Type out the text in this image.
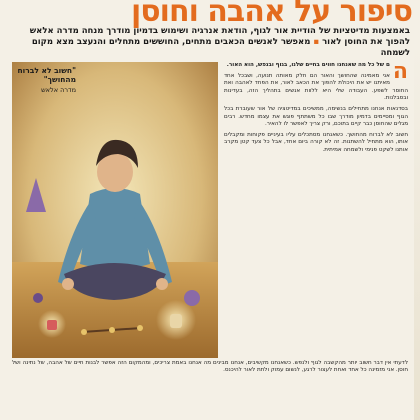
סיפור על אהבה וחוסן
באמצעות מדיטציות של הודיית אור לגוף, הודאת אנרגיה ושימוש בדמיון מודרך מנחה מדרה אלאש להפוך את החוסן לאור ▪ מאפשר לאנשים הכאבים מתחים, החוששים מתחלים והנעצב מצא מקום לשמחה
"חשוב לא לברוח מהחושך"
מדרה אלאש
ה

ם של כל מה שאנחנו חווים בחיים שלנו, בגוף ובנפש, הוא האור.

אני מאמינה שהחושך והאור הם חלק מאותה תנועה, ושבכל אחד מאיתנו יש את היכולת להפוך את הכאב לאור, את הפחד לאהבה ואת החוסר לשפע. העבודה שלי היא ללוות אנשים בתהליך הזה, בעדינות ובסבלנות.

בסדנאות אנחנו מתחילים בנשימה, ממשיכים במדיטציה של אור שעוברת בכל הגוף ומסיימים בדמיון מודרך שבו כל משתתף פוגש את עצמו מחדש. רבים מגלים שהחוסן כבר קיים בתוכם, ורק צריך לאפשר לו להאיר.

חשוב לא לברוח מהחושך. כשאנחנו מסתכלים עליו בעיניים פקוחות ומקבלים אותו, הוא מתחיל להשתנות. זה לא קורה ביום אחד, אבל כל צעד קטן מקרב אותנו לשקט פנימי ולשמחה אמיתית.

לדעתי אין דבר חשוב יותר מהקשבה לגוף ולנפש. כשאנחנו מקשיבים, אנחנו מבינים מה אנחנו באמת צריכים, ומהמקום הזה אפשר לבנות חיים של אהבה, של נתינה ושל חוסן. אני מזמינה כל אחד ואחת לעצור לרגע, לנשום עמוק ולתת לאור להיכנס.
